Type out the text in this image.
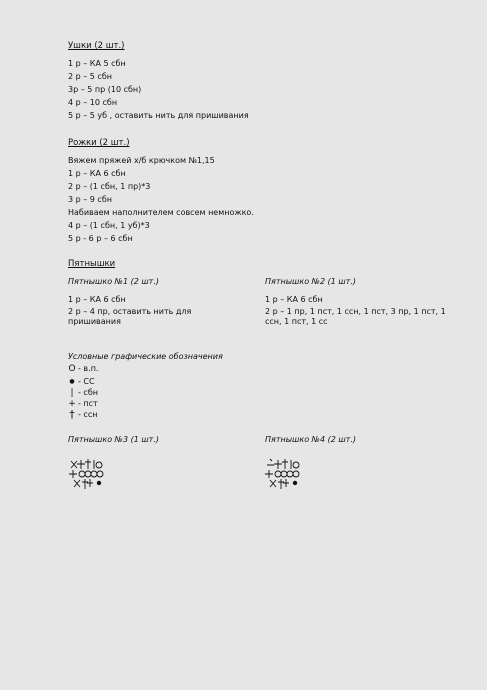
Ушки (2 шт.)
1 р – КА 5 сбн
2 р – 5 сбн
3р – 5 пр (10 сбн)
4 р – 10 сбн
5 р – 5 уб , оставить нить для пришивания
Рожки (2 шт.)
Вяжем пряжей х/б крючком №1,15
1 р – КА 6 сбн
2 р – (1 сбн, 1 пр)*3
3 р – 9 сбн
Набиваем наполнителем совсем немножко.
4 р – (1 сбн, 1 уб)*3
5 р - 6 р – 6 сбн
Пятнышки
Пятнышко №1 (2 шт.)
1 р – КА 6 сбн
2 р – 4 пр, оставить нить для пришивания
Пятнышко №2 (1 шт.)
1 р – КА 6 сбн
2 р – 1 пр, 1 пст, 1 ссн, 1 пст, 3 пр, 1 пст, 1 ссн, 1 пст, 1 сс
Условные графические обозначения
O - в.п.
● - СС
| - сбн
+ - пст
† - ссн
Пятнышко №3 (1 шт.)	Пятнышко №4 (2 шт.)
